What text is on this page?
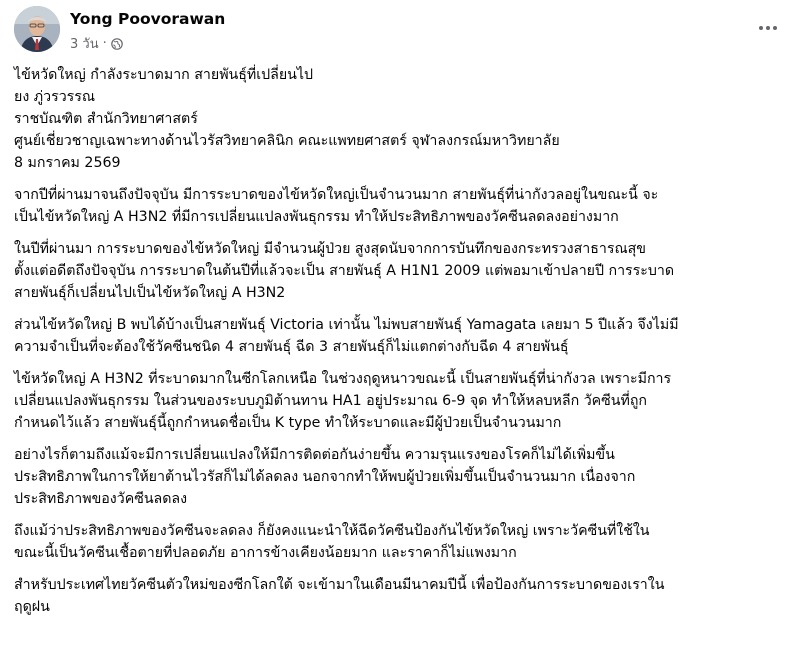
Yong Poovorawan
3 วัน ·

ไข้หวัดใหญ่ กำลังระบาดมาก สายพันธุ์ที่เปลี่ยนไป

ยง ภู่วรวรรณ

ราชบัณฑิต สำนักวิทยาศาสตร์

ศูนย์เชี่ยวชาญเฉพาะทางด้านไวรัสวิทยาคลินิก คณะแพทยศาสตร์ จุฬาลงกรณ์มหาวิทยาลัย

8 มกราคม 2569

จากปีที่ผ่านมาจนถึงปัจจุบัน มีการระบาดของไข้หวัดใหญ่เป็นจำนวนมาก สายพันธุ์ที่น่ากังวลอยู่ในขณะนี้ จะ
เป็นไข้หวัดใหญ่ A H3N2 ที่มีการเปลี่ยนแปลงพันธุกรรม ทำให้ประสิทธิภาพของวัคซีนลดลงอย่างมาก

ในปีที่ผ่านมา การระบาดของไข้หวัดใหญ่ มีจำนวนผู้ป่วย สูงสุดนับจากการบันทึกของกระทรวงสาธารณสุข
ตั้งแต่อดีตถึงปัจจุบัน การระบาดในต้นปีที่แล้วจะเป็น สายพันธุ์ A H1N1 2009 แต่พอมาเข้าปลายปี การระบาด
สายพันธุ์ก็เปลี่ยนไปเป็นไข้หวัดใหญ่ A H3N2

ส่วนไข้หวัดใหญ่ B พบได้บ้างเป็นสายพันธุ์ Victoria เท่านั้น ไม่พบสายพันธุ์ Yamagata เลยมา 5 ปีแล้ว จึงไม่มี
ความจำเป็นที่จะต้องใช้วัคซีนชนิด 4 สายพันธุ์ ฉีด 3 สายพันธุ์ก็ไม่แตกต่างกับฉีด 4 สายพันธุ์

ไข้หวัดใหญ่ A H3N2 ที่ระบาดมากในซีกโลกเหนือ ในช่วงฤดูหนาวขณะนี้ เป็นสายพันธุ์ที่น่ากังวล เพราะมีการ
เปลี่ยนแปลงพันธุกรรม ในส่วนของระบบภูมิต้านทาน HA1 อยู่ประมาณ 6-9 จุด ทำให้หลบหลีก วัคซีนที่ถูก
กำหนดไว้แล้ว สายพันธุ์นี้ถูกกำหนดชื่อเป็น K type ทำให้ระบาดและมีผู้ป่วยเป็นจำนวนมาก

อย่างไรก็ตามถึงแม้จะมีการเปลี่ยนแปลงให้มีการติดต่อกันง่ายขึ้น ความรุนแรงของโรคก็ไม่ได้เพิ่มขึ้น
ประสิทธิภาพในการให้ยาต้านไวรัสก็ไม่ได้ลดลง นอกจากทำให้พบผู้ป่วยเพิ่มขึ้นเป็นจำนวนมาก เนื่องจาก
ประสิทธิภาพของวัคซีนลดลง

ถึงแม้ว่าประสิทธิภาพของวัคซีนจะลดลง ก็ยังคงแนะนำให้ฉีดวัคซีนป้องกันไข้หวัดใหญ่ เพราะวัคซีนที่ใช้ใน
ขณะนี้เป็นวัคซีนเชื้อตายที่ปลอดภัย อาการข้างเคียงน้อยมาก และราคาก็ไม่แพงมาก

สำหรับประเทศไทยวัคซีนตัวใหม่ของซีกโลกใต้ จะเข้ามาในเดือนมีนาคมปีนี้ เพื่อป้องกันการระบาดของเราใน
ฤดูฝน
